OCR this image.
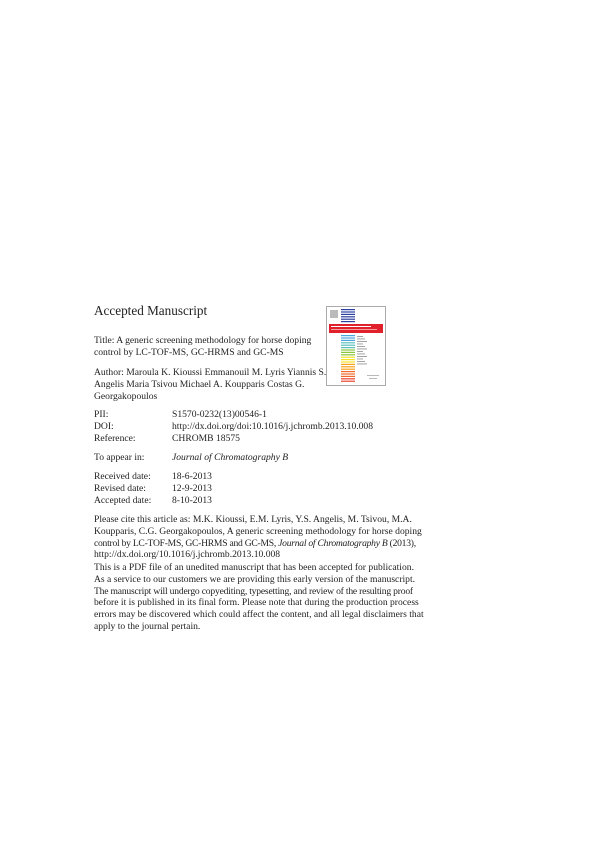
Accepted Manuscript
Title: A generic screening methodology for horse doping
control by LC-TOF-MS, GC-HRMS and GC-MS
Author: Maroula K. Kioussi Emmanouil M. Lyris Yiannis S.
Angelis Maria Tsivou Michael A. Koupparis Costas G.
Georgakopoulos
PII:	S1570-0232(13)00546-1
DOI:	http://dx.doi.org/doi:10.1016/j.jchromb.2013.10.008
Reference:	CHROMB 18575
To appear in:	Journal of Chromatography B
Received date: 18-6-2013
Revised date:	12-9-2013
Accepted date: 8-10-2013
Please cite this article as: M.K. Kioussi, E.M. Lyris, Y.S. Angelis, M. Tsivou, M.A.
Koupparis, C.G. Georgakopoulos, A generic screening methodology for horse doping
control by LC-TOF-MS, GC-HRMS and GC-MS, Journal of Chromatography B (2013),
http://dx.doi.org/10.1016/j.jchromb.2013.10.008
This is a PDF file of an unedited manuscript that has been accepted for publication.
As a service to our customers we are providing this early version of the manuscript.
The manuscript will undergo copyediting, typesetting, and review of the resulting proof
before it is published in its final form. Please note that during the production process
errors may be discovered which could affect the content, and all legal disclaimers that
apply to the journal pertain.
